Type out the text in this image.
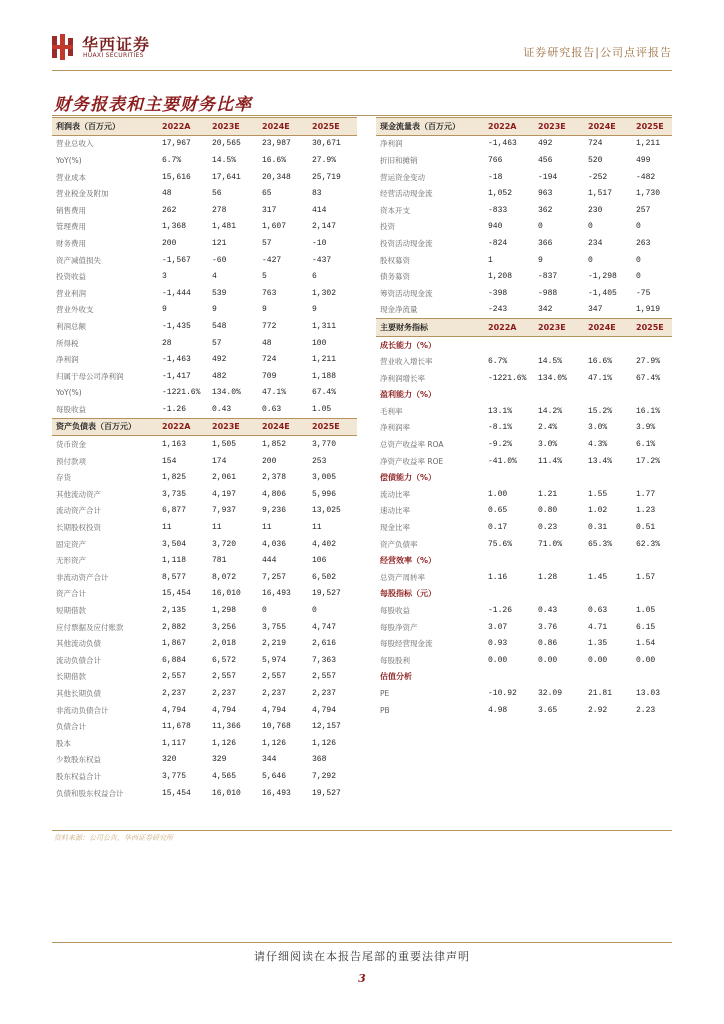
华西证券
HUAXI SECURITIES	证券研究报告|公司点评报告
财务报表和主要财务比率
利润表（百万元）	2022A	2023E	2024E	2025E
营业总收入	17,967	20,565	23,987	30,671
YoY(%)	6.7%	14.5%	16.6%	27.9%
营业成本	15,616	17,641	20,348	25,719
营业税金及附加	48	56	65	83
销售费用	262	278	317	414
管理费用	1,368	1,481	1,607	2,147
财务费用	200	121	57	-10
资产减值损失	-1,567	-60	-427	-437
投资收益	3	4	5	6
营业利润	-1,444	539	763	1,302
营业外收支	9	9	9	9
利润总额	-1,435	548	772	1,311
所得税	28	57	48	100
净利润	-1,463	492	724	1,211
归属于母公司净利润	-1,417	482	709	1,188
YoY(%)	-1221.6%	134.0%	47.1%	67.4%
每股收益	-1.26	0.43	0.63	1.05
资产负债表（百万元）	2022A	2023E	2024E	2025E
货币资金	1,163	1,505	1,852	3,770
预付款项	154	174	200	253
存货	1,825	2,061	2,378	3,005
其他流动资产	3,735	4,197	4,806	5,996
流动资产合计	6,877	7,937	9,236	13,025
长期股权投资	11	11	11	11
固定资产	3,504	3,720	4,036	4,402
无形资产	1,118	781	444	106
非流动资产合计	8,577	8,072	7,257	6,502
资产合计	15,454	16,010	16,493	19,527
短期借款	2,135	1,298	0	0
应付票据及应付账款	2,882	3,256	3,755	4,747
其他流动负债	1,867	2,018	2,219	2,616
流动负债合计	6,884	6,572	5,974	7,363
长期借款	2,557	2,557	2,557	2,557
其他长期负债	2,237	2,237	2,237	2,237
非流动负债合计	4,794	4,794	4,794	4,794
负债合计	11,678	11,366	10,768	12,157
股本	1,117	1,126	1,126	1,126
少数股东权益	320	329	344	368
股东权益合计	3,775	4,565	5,646	7,292
负债和股东权益合计	15,454	16,010	16,493	19,527
现金流量表（百万元）	2022A	2023E	2024E	2025E
净利润	-1,463	492	724	1,211
折旧和摊销	766	456	520	499
营运资金变动	-18	-194	-252	-482
经营活动现金流	1,052	963	1,517	1,730
资本开支	-833	362	230	257
投资	940	0	0	0
投资活动现金流	-824	366	234	263
股权募资	1	9	0	0
债务募资	1,208	-837	-1,298	0
筹资活动现金流	-398	-988	-1,405	-75
现金净流量	-243	342	347	1,919
主要财务指标	2022A	2023E	2024E	2025E
成长能力（%）				
营业收入增长率	6.7%	14.5%	16.6%	27.9%
净利润增长率	-1221.6%	134.0%	47.1%	67.4%
盈利能力（%）				
毛利率	13.1%	14.2%	15.2%	16.1%
净利润率	-8.1%	2.4%	3.0%	3.9%
总资产收益率 ROA	-9.2%	3.0%	4.3%	6.1%
净资产收益率 ROE	-41.0%	11.4%	13.4%	17.2%
偿债能力（%）				
流动比率	1.00	1.21	1.55	1.77
速动比率	0.65	0.80	1.02	1.23
现金比率	0.17	0.23	0.31	0.51
资产负债率	75.6%	71.0%	65.3%	62.3%
经营效率（%）				
总资产周转率	1.16	1.28	1.45	1.57
每股指标（元）				
每股收益	-1.26	0.43	0.63	1.05
每股净资产	3.07	3.76	4.71	6.15
每股经营现金流	0.93	0.86	1.35	1.54
每股股利	0.00	0.00	0.00	0.00
估值分析				
PE	-10.92	32.09	21.81	13.03
PB	4.98	3.65	2.92	2.23
资料来源：公司公告，华西证券研究所
请仔细阅读在本报告尾部的重要法律声明
3
